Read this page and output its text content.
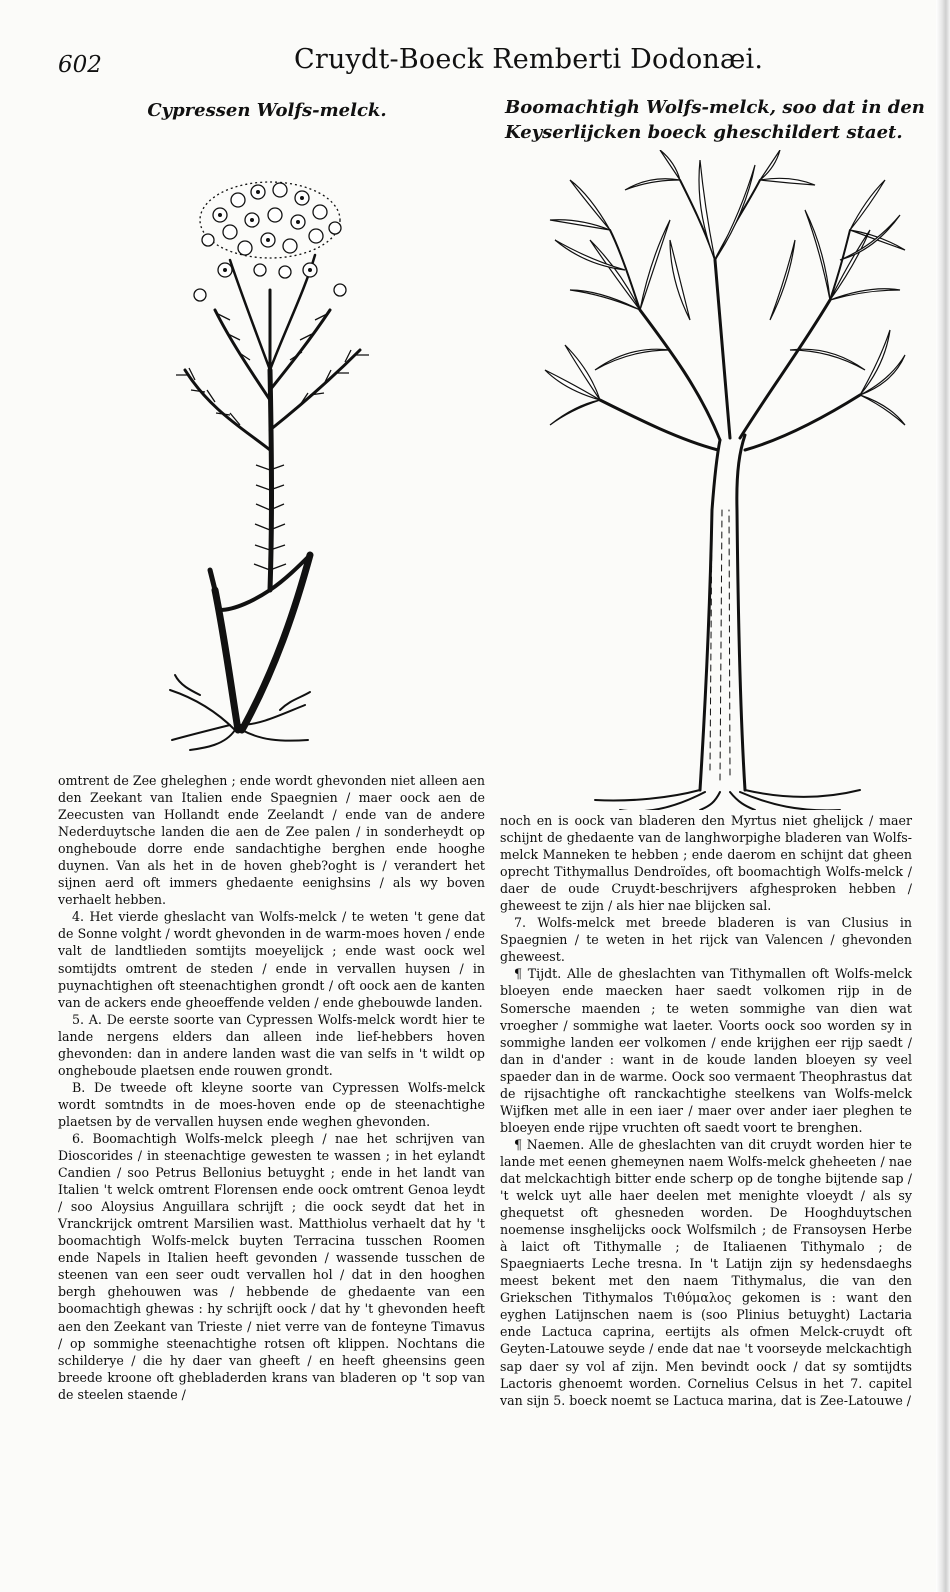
602	Cruydt-Boeck Remberti Dodonæi.
Cypressen Wolfs-melck.	Boomachtigh Wolfs-melck, soo dat in den
Keyserlijcken boeck gheschildert staet.

omtrent de Zee gheleghen ; ende wordt ghevonden niet alleen aen den Zeekant van Italien ende Spaegnien / maer oock aen de Zeecusten van Hollandt ende Zeelandt / ende van de andere Nederduytsche landen die aen de Zee palen / in sonderheydt op ongheboude dorre ende sandachtighe berghen ende hooghe duynen. Van als het in de hoven gheb?oght is / verandert het sijnen aerd oft immers ghedaente eenighsins / als wy boven verhaelt hebben.

4. Het vierde gheslacht van Wolfs-melck / te weten 't gene dat de Sonne volght / wordt ghevonden in de warm-moes hoven / ende valt de landtlieden somtijts moeyelijck ; ende wast oock wel somtijdts omtrent de steden / ende in vervallen huysen / in puynachtighen oft steenachtighen grondt / oft oock aen de kanten van de ackers ende gheoeffende velden / ende ghebouwde landen.

5. A. De eerste soorte van Cypressen Wolfs-melck wordt hier te lande nergens elders dan alleen inde lief-hebbers hoven ghevonden: dan in andere landen wast die van selfs in 't wildt op ongheboude plaetsen ende rouwen grondt.

B. De tweede oft kleyne soorte van Cypressen Wolfs-melck wordt somtndts in de moes-hoven ende op de steenachtighe plaetsen by de vervallen huysen ende weghen ghevonden.

6. Boomachtigh Wolfs-melck pleegh / nae het schrijven van Dioscorides / in steenachtige gewesten te wassen ; in het eylandt Candien / soo Petrus Bellonius betuyght ; ende in het landt van Italien 't welck omtrent Florensen ende oock omtrent Genoa leydt / soo Aloysius Anguillara schrijft ; die oock seydt dat het in Vranckrijck omtrent Marsilien wast. Matthiolus verhaelt dat hy 't boomachtigh Wolfs-melck buyten Terracina tusschen Roomen ende Napels in Italien heeft gevonden / wassende tusschen de steenen van een seer oudt vervallen hol / dat in den hooghen bergh ghehouwen was / hebbende de ghedaente van een boomachtigh ghewas : hy schrijft oock / dat hy 't ghevonden heeft aen den Zeekant van Trieste / niet verre van de fonteyne Timavus / op sommighe steenachtighe rotsen oft klippen. Nochtans die schilderye / die hy daer van gheeft / en heeft gheensins geen breede kroone oft ghebladerden krans van bladeren op 't sop van de steelen staende /

noch en is oock van bladeren den Myrtus niet ghelijck / maer schijnt de ghedaente van de langhworpighe bladeren van Wolfs-melck Manneken te hebben ; ende daerom en schijnt dat gheen oprecht Tithymallus Dendroïdes, oft boomachtigh Wolfs-melck / daer de oude Cruydt-beschrijvers afghesproken hebben / gheweest te zijn / als hier nae blijcken sal.

7. Wolfs-melck met breede bladeren is van Clusius in Spaegnien / te weten in het rijck van Valencen / ghevonden gheweest.

¶ Tijdt. Alle de gheslachten van Tithymallen oft Wolfs-melck bloeyen ende maecken haer saedt volkomen rijp in de Somersche maenden ; te weten sommighe van dien wat vroegher / sommighe wat laeter. Voorts oock soo worden sy in sommighe landen eer volkomen / ende krijghen eer rijp saedt / dan in d'ander : want in de koude landen bloeyen sy veel spaeder dan in de warme. Oock soo vermaent Theophrastus dat de rijsachtighe oft ranckachtighe steelkens van Wolfs-melck Wijfken met alle in een iaer / maer over ander iaer pleghen te bloeyen ende rijpe vruchten oft saedt voort te brenghen.

¶ Naemen. Alle de gheslachten van dit cruydt worden hier te lande met eenen ghemeynen naem Wolfs-melck gheheeten / nae dat melckachtigh bitter ende scherp op de tonghe bijtende sap / 't welck uyt alle haer deelen met menighte vloeydt / als sy ghequetst oft ghesneden worden. De Hooghduytschen noemense insghelijcks oock Wolfsmilch ; de Fransoysen Herbe à laict oft Tithymalle ; de Italiaenen Tithymalo ; de Spaegniaerts Leche tresna. In 't Latijn zijn sy hedensdaeghs meest bekent met den naem Tithymalus, die van den Griekschen Tithymalos Τιθύμαλος gekomen is : want den eyghen Latijnschen naem is (soo Plinius betuyght) Lactaria ende Lactuca caprina, eertijts als ofmen Melck-cruydt oft Geyten-Latouwe seyde / ende dat nae 't voorseyde melckachtigh sap daer sy vol af zijn. Men bevindt oock / dat sy somtijdts Lactoris ghenoemt worden. Cornelius Celsus in het 7. capitel van sijn 5. boeck noemt se Lactuca marina, dat is Zee-Latouwe /
